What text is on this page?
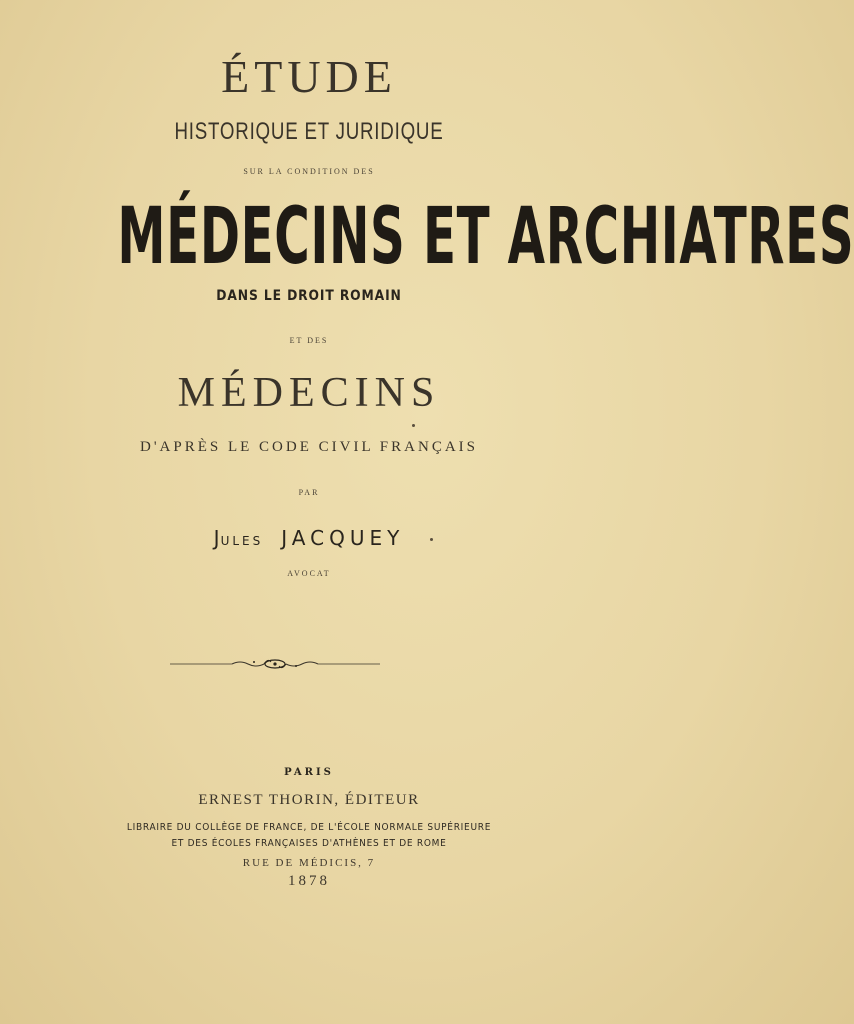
ÉTUDE
HISTORIQUE ET JURIDIQUE
SUR LA CONDITION DES
MÉDECINS ET ARCHIATRES
DANS LE DROIT ROMAIN
ET DES
MÉDECINS
D'APRÈS LE CODE CIVIL FRANÇAIS
PAR
JULES JACQUEY
AVOCAT
PARIS
ERNEST THORIN, ÉDITEUR
LIBRAIRE DU COLLÈGE DE FRANCE, DE L'ÉCOLE NORMALE SUPÉRIEURE
ET DES ÉCOLES FRANÇAISES D'ATHÈNES ET DE ROME
RUE DE MÉDICIS, 7
1878
